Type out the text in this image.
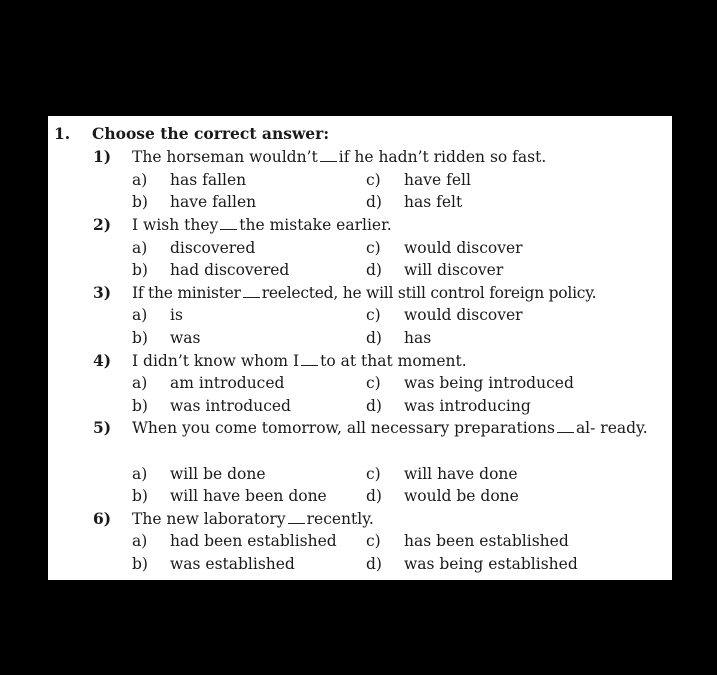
1. Choose the correct answer:
1) The horseman wouldn’t if he hadn’t ridden so fast.
a) has fallen	c) have fell
b) have fallen	d) has felt
2) I wish they the mistake earlier.
a) discovered	c) would discover
b) had discovered	d) will discover
3) If the minister reelected, he will still control foreign policy.
a) is	c) would discover
b) was	d) has
4) I didn’t know whom I to at that moment.
a) am introduced	c) was being introduced
b) was introduced	d) was introducing
5) When you come tomorrow, all necessary preparations al- ready.
a) will be done	c) will have done
b) will have been done	d) would be done
6) The new laboratory recently.
a) had been established c) has been established
b) was established	d) was being established
